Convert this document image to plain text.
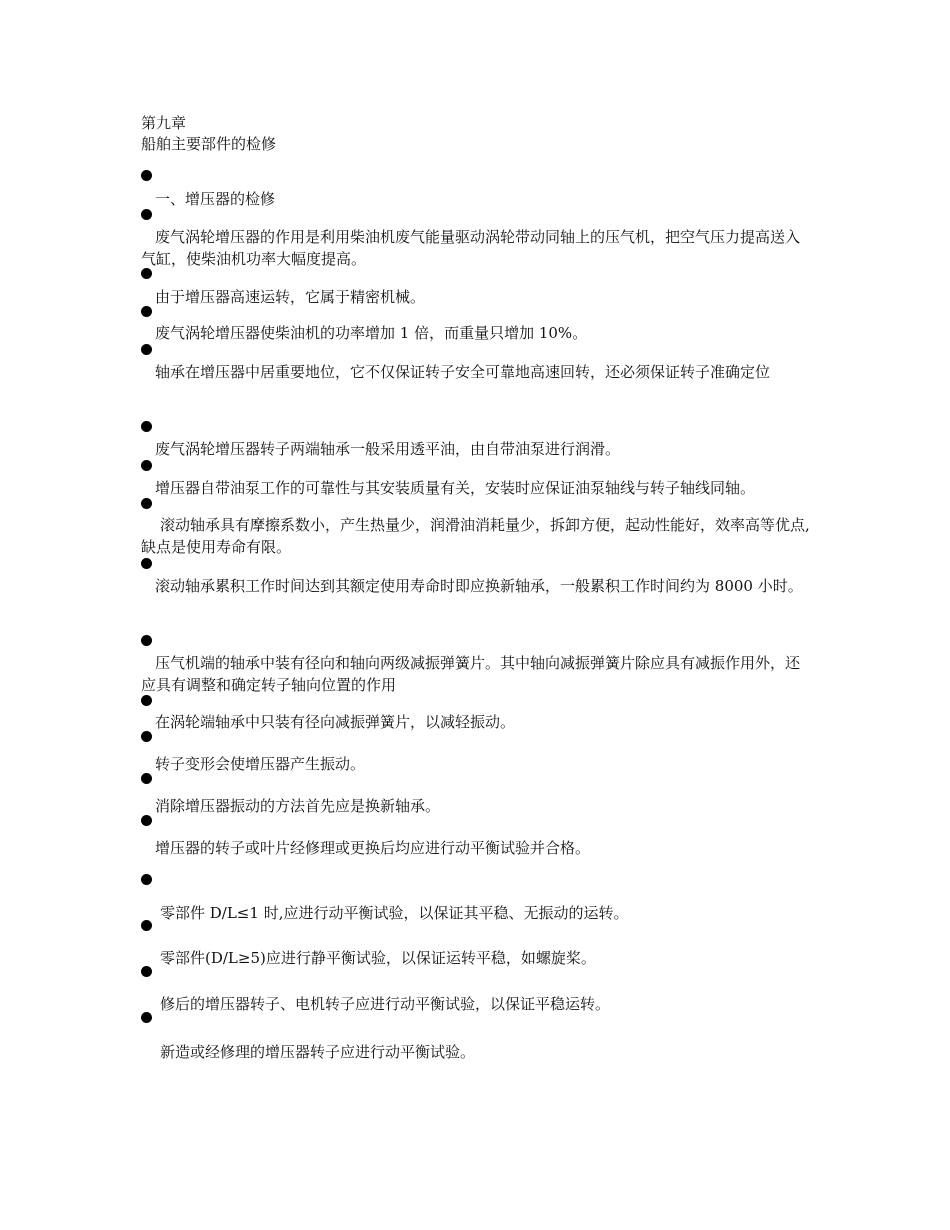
第九章
船舶主要部件的检修
一、增压器的检修
废气涡轮增压器的作用是利用柴油机废气能量驱动涡轮带动同轴上的压气机，把空气压力提高送入气缸，使柴油机功率大幅度提高。
由于增压器高速运转，它属于精密机械。
废气涡轮增压器使柴油机的功率增加 1 倍，而重量只增加 10%。
轴承在增压器中居重要地位，它不仅保证转子安全可靠地高速回转，还必须保证转子准确定位
废气涡轮增压器转子两端轴承一般采用透平油，由自带油泵进行润滑。
增压器自带油泵工作的可靠性与其安装质量有关，安装时应保证油泵轴线与转子轴线同轴。
滚动轴承具有摩擦系数小，产生热量少，润滑油消耗量少，拆卸方便，起动性能好，效率高等优点,缺点是使用寿命有限。
滚动轴承累积工作时间达到其额定使用寿命时即应换新轴承，一般累积工作时间约为 8000 小时。
压气机端的轴承中装有径向和轴向两级减振弹簧片。其中轴向减振弹簧片除应具有减振作用外，还应具有调整和确定转子轴向位置的作用
在涡轮端轴承中只装有径向减振弹簧片，以减轻振动。
转子变形会使增压器产生振动。
消除增压器振动的方法首先应是换新轴承。
增压器的转子或叶片经修理或更换后均应进行动平衡试验并合格。
零部件 D/L≤1 时,应进行动平衡试验，以保证其平稳、无振动的运转。
零部件(D/L≥5)应进行静平衡试验，以保证运转平稳，如螺旋桨。
修后的增压器转子、电机转子应进行动平衡试验，以保证平稳运转。
新造或经修理的增压器转子应进行动平衡试验。
